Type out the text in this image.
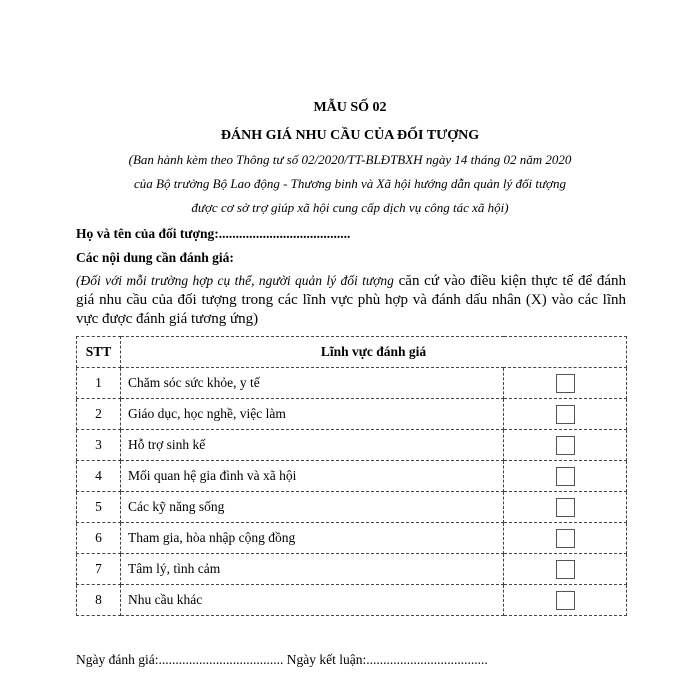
MẪU SỐ 02
ĐÁNH GIÁ NHU CẦU CỦA ĐỐI TƯỢNG
(Ban hành kèm theo Thông tư số 02/2020/TT-BLĐTBXH ngày 14 tháng 02 năm 2020
của Bộ trưởng Bộ Lao động - Thương binh và Xã hội hướng dẫn quản lý đối tượng
được cơ sở trợ giúp xã hội cung cấp dịch vụ công tác xã hội)
Họ và tên của đối tượng:.......................................
Các nội dung cần đánh giá:
(Đối với mỗi trường hợp cụ thể, người quản lý đối tượng căn cứ vào điều kiện thực tế để đánh giá nhu cầu của đối tượng trong các lĩnh vực phù hợp và đánh dấu nhân (X) vào các lĩnh vực được đánh giá tương ứng)
STT	Lĩnh vực đánh giá	
1	Chăm sóc sức khỏe, y tế	
2	Giáo dục, học nghề, việc làm	
3	Hỗ trợ sinh kế	
4	Mối quan hệ gia đình và xã hội	
5	Các kỹ năng sống	
6	Tham gia, hòa nhập cộng đồng	
7	Tâm lý, tình cảm	
8	Nhu cầu khác	
Ngày đánh giá:..................................... Ngày kết luận:....................................
